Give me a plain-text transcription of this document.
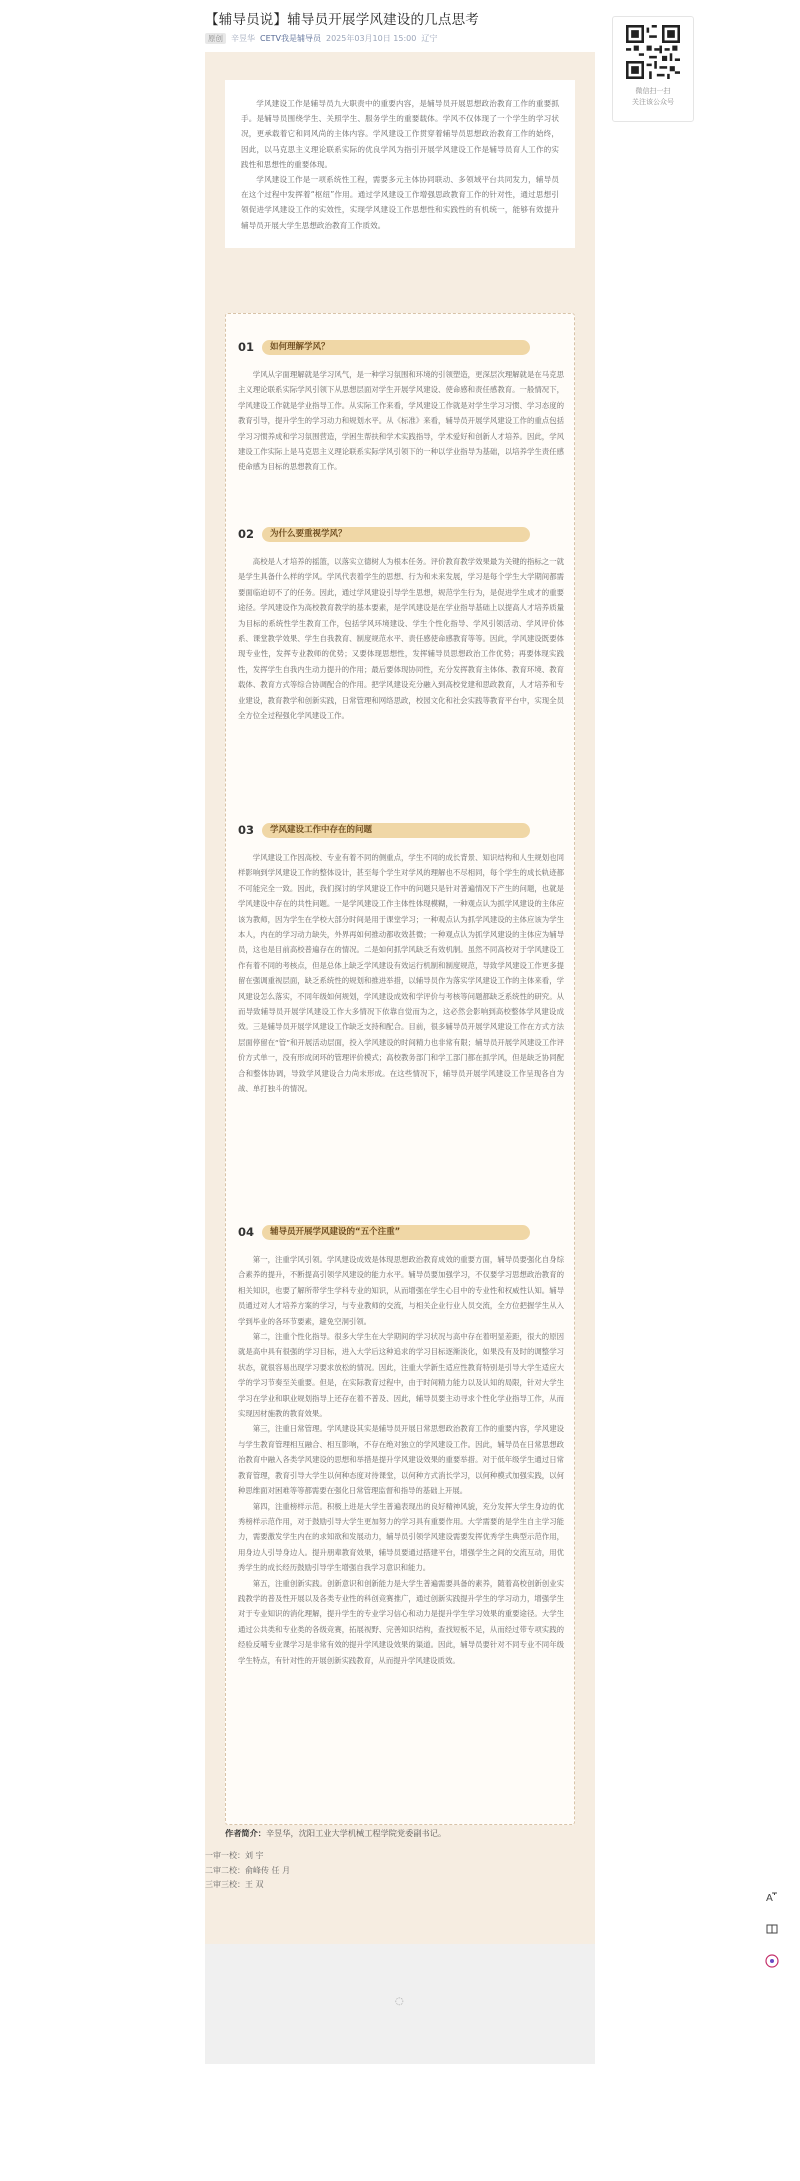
【辅导员说】辅导员开展学风建设的几点思考
原创	辛昱华 CETV我是辅导员 2025年03月10日 15:00 辽宁
微信扫一扫
关注该公众号

学风建设工作是辅导员九大职责中的重要内容，是辅导员开展思想政治教育工作的重要抓手。是辅导员围绕学生、关照学生、服务学生的重要载体。学风不仅体现了一个学生的学习状况，更承载着它和同风尚的主体内容。学风建设工作贯穿着辅导员思想政治教育工作的始终，因此，以马克思主义理论联系实际的优良学风为指引开展学风建设工作是辅导员育人工作的实践性和思想性的重要体现。

学风建设工作是一项系统性工程，需要多元主体协同联动、多领域平台共同发力，辅导员在这个过程中发挥着“枢纽”作用。通过学风建设工作增强思政教育工作的针对性，通过思想引领促进学风建设工作的实效性，实现学风建设工作思想性和实践性的有机统一，能够有效提升辅导员开展大学生思想政治教育工作质效。

01	如何理解学风？

学风从字面理解就是学习风气，是一种学习氛围和环境的引领塑造，更深层次理解就是在马克思主义理论联系实际学风引领下从思想层面对学生开展学风建设、使命感和责任感教育。一般情况下，学风建设工作就是学业指导工作。从实际工作来看，学风建设工作就是对学生学习习惯、学习态度的教育引导，提升学生的学习动力和规划水平。从《标准》来看，辅导员开展学风建设工作的重点包括学习习惯养成和学习氛围营造，学困生帮扶和学术实践指导，学术爱好和创新人才培养。因此，学风建设工作实际上是马克思主义理论联系实际学风引领下的一种以学业指导为基础，以培养学生责任感使命感为目标的思想教育工作。

02	为什么要重视学风？

高校是人才培养的摇篮，以落实立德树人为根本任务。评价教育教学效果最为关键的指标之一就是学生具备什么样的学风。学风代表着学生的思想、行为和未来发展，学习是每个学生大学期间都需要面临迫切不了的任务。因此，通过学风建设引导学生思想，规范学生行为，是促进学生成才的重要途径。学风建设作为高校教育教学的基本要素，是学风建设是在学业指导基础上以提高人才培养质量为目标的系统性学生教育工作，包括学风环境建设、学生个性化指导、学风引领活动、学风评价体系、课堂教学效果、学生自我教育、制度规范水平、责任感使命感教育等等。因此，学风建设既要体现专业性，发挥专业教师的优势；又要体现思想性，发挥辅导员思想政治工作优势；再要体现实践性，发挥学生自我内生动力提升的作用；最后要体现协同性，充分发挥教育主体体、教育环境、教育载体、教育方式等综合协调配合的作用。把学风建设充分融入到高校党建和思政教育，人才培养和专业建设，教育教学和创新实践，日常管理和网络思政，校园文化和社会实践等教育平台中，实现全员全方位全过程强化学风建设工作。

03	学风建设工作中存在的问题

学风建设工作因高校、专业有着不同的侧重点，学生不同的成长背景、知识结构和人生规划也同样影响到学风建设工作的整体设计，甚至每个学生对学风的理解也不尽相同，每个学生的成长轨迹都不可能完全一致。因此，我们探讨的学风建设工作中的问题只是针对普遍情况下产生的问题，也就是学风建设中存在的共性问题。一是学风建设工作主体性体现模糊，一种观点认为抓学风建设的主体应该为教师，因为学生在学校大部分时间是用于课堂学习；一种观点认为抓学风建设的主体应该为学生本人，内在的学习动力缺失，外界再如何推动都收效甚微；一种观点认为抓学风建设的主体应为辅导员，这也是目前高校普遍存在的情况。二是如何抓学风缺乏有效机制。虽然不同高校对于学风建设工作有着不同的考核点，但是总体上缺乏学风建设有效运行机制和制度规范，导致学风建设工作更多提留在强调重视层面，缺乏系统性的规划和推进举措，以辅导员作为落实学风建设工作的主体来看，学风建设怎么落实，不同年级如何规划，学风建设成效和学评价与考核等问题都缺乏系统性的研究。从而导致辅导员开展学风建设工作大多情况下依靠自觉而为之，这必然会影响到高校整体学风建设成效。三是辅导员开展学风建设工作缺乏支持和配合。目前，很多辅导员开展学风建设工作在方式方法层面停留在“管”和开展活动层面，投入学风建设的时间精力也非常有限；辅导员开展学风建设工作评价方式单一，没有形成闭环的管理评价模式；高校教务部门和学工部门都在抓学风，但是缺乏协同配合和整体协调，导致学风建设合力尚未形成。在这些情况下，辅导员开展学风建设工作呈现各自为战、单打独斗的情况。

04	辅导员开展学风建设的“五个注重”

第一，注重学风引领。学风建设成效是体现思想政治教育成效的重要方面，辅导员要强化自身综合素养的提升，不断提高引领学风建设的能力水平。辅导员要加强学习，不仅要学习思想政治教育的相关知识，也要了解所带学生学科专业的知识，从而增强在学生心目中的专业性和权威性认知。辅导员通过对人才培养方案的学习，与专业教师的交流，与相关企业行业人员交流，全方位把握学生从入学到毕业的各环节要素，避免空洞引领。

第二，注重个性化指导。很多大学生在大学期间的学习状况与高中存在着明显差距，很大的原因就是高中具有很强的学习目标，进入大学后这种追求的学习目标逐渐淡化，如果没有及时的调整学习状态，就很容易出现学习要求放松的情况。因此，注重大学新生适应性教育特别是引导大学生适应大学的学习节奏至关重要。但是，在实际教育过程中，由于时间精力能力以及认知的局限，针对大学生学习在学业和职业规划指导上还存在着不普及、因此，辅导员要主动寻求个性化学业指导工作，从而实现因材施教的教育效果。

第三，注重日常管理。学风建设其实是辅导员开展日常思想政治教育工作的重要内容，学风建设与学生教育管理相互融合、相互影响，不存在绝对独立的学风建设工作。因此，辅导员在日常思想政治教育中融入各类学风建设的思想和举措是提升学风建设效果的重要举措。对于低年级学生通过日常教育管理，教育引导大学生以何种态度对待课堂，以何种方式消长学习，以何种模式加强实践，以何种思维面对困难等等都需要在强化日常管理监督和指导的基础上开展。

第四，注重榜样示范。积极上进是大学生普遍表现出的良好精神风貌，充分发挥大学生身边的优秀榜样示范作用，对于鼓励引导大学生更加努力的学习具有重要作用。大学需要的是学生自主学习能力，需要激发学生内在的求知欲和发展动力，辅导员引领学风建设需要发挥优秀学生典型示范作用，用身边人引导身边人。提升朋辈教育效果，辅导员要通过搭建平台，增强学生之间的交流互动，用优秀学生的成长经历鼓励引导学生增强自我学习意识和能力。

第五，注重创新实践。创新意识和创新能力是大学生普遍需要具备的素养，随着高校创新创业实践教学的普及性开展以及各类专业性的科创竞赛推广，通过创新实践提升学生的学习动力，增强学生对于专业知识的消化理解，提升学生的专业学习信心和动力是提升学生学习效果的重要途径。大学生通过公共类和专业类的各级竞赛，拓展视野、完善知识结构，查找短板不足，从而经过带专项实践的经验反哺专业课学习是非常有效的提升学风建设效果的渠道。因此，辅导员要针对不同专业不同年级学生特点，有针对性的开展创新实践教育，从而提升学风建设质效。

作者简介：辛昱华，沈阳工业大学机械工程学院党委副书记。
一审一校：刘 宇
二审二校：俞峰传 任 月
三审三校：王 双
◌
A
